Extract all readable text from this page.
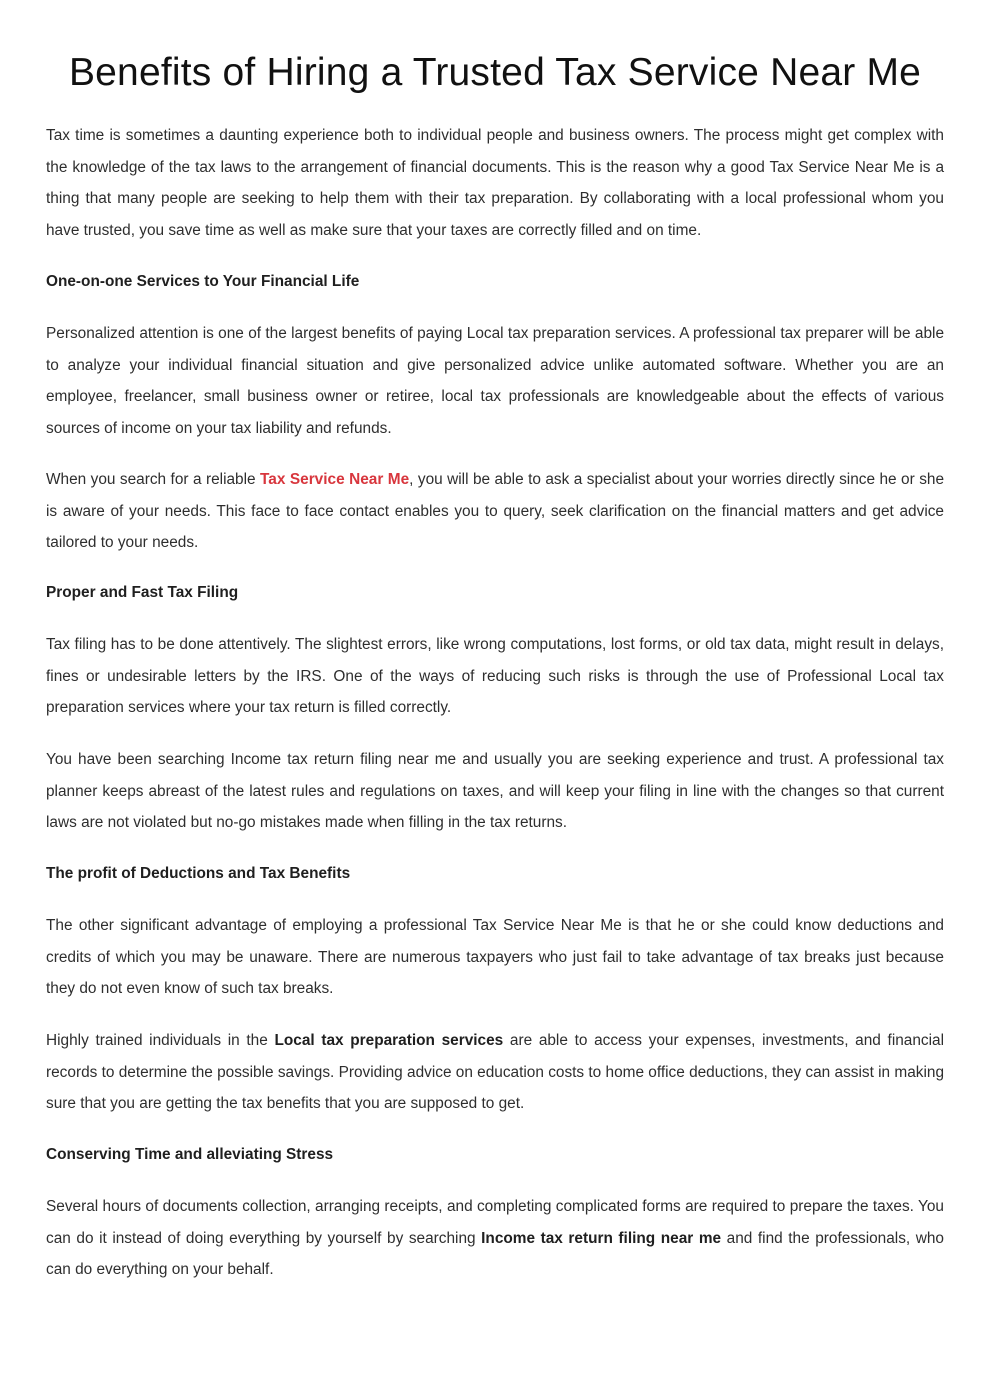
Benefits of Hiring a Trusted Tax Service Near Me

Tax time is sometimes a daunting experience both to individual people and business owners. The process might get complex with the knowledge of the tax laws to the arrangement of financial documents. This is the reason why a good Tax Service Near Me is a thing that many people are seeking to help them with their tax preparation. By collaborating with a local professional whom you have trusted, you save time as well as make sure that your taxes are correctly filled and on time.

One-on-one Services to Your Financial Life

Personalized attention is one of the largest benefits of paying Local tax preparation services. A professional tax preparer will be able to analyze your individual financial situation and give personalized advice unlike automated software. Whether you are an employee, freelancer, small business owner or retiree, local tax professionals are knowledgeable about the effects of various sources of income on your tax liability and refunds.

When you search for a reliable Tax Service Near Me, you will be able to ask a specialist about your worries directly since he or she is aware of your needs. This face to face contact enables you to query, seek clarification on the financial matters and get advice tailored to your needs.

Proper and Fast Tax Filing

Tax filing has to be done attentively. The slightest errors, like wrong computations, lost forms, or old tax data, might result in delays, fines or undesirable letters by the IRS. One of the ways of reducing such risks is through the use of Professional Local tax preparation services where your tax return is filled correctly.

You have been searching Income tax return filing near me and usually you are seeking experience and trust. A professional tax planner keeps abreast of the latest rules and regulations on taxes, and will keep your filing in line with the changes so that current laws are not violated but no-go mistakes made when filling in the tax returns.

The profit of Deductions and Tax Benefits

The other significant advantage of employing a professional Tax Service Near Me is that he or she could know deductions and credits of which you may be unaware. There are numerous taxpayers who just fail to take advantage of tax breaks just because they do not even know of such tax breaks.

Highly trained individuals in the Local tax preparation services are able to access your expenses, investments, and financial records to determine the possible savings. Providing advice on education costs to home office deductions, they can assist in making sure that you are getting the tax benefits that you are supposed to get.

Conserving Time and alleviating Stress

Several hours of documents collection, arranging receipts, and completing complicated forms are required to prepare the taxes. You can do it instead of doing everything by yourself by searching Income tax return filing near me and find the professionals, who can do everything on your behalf.
